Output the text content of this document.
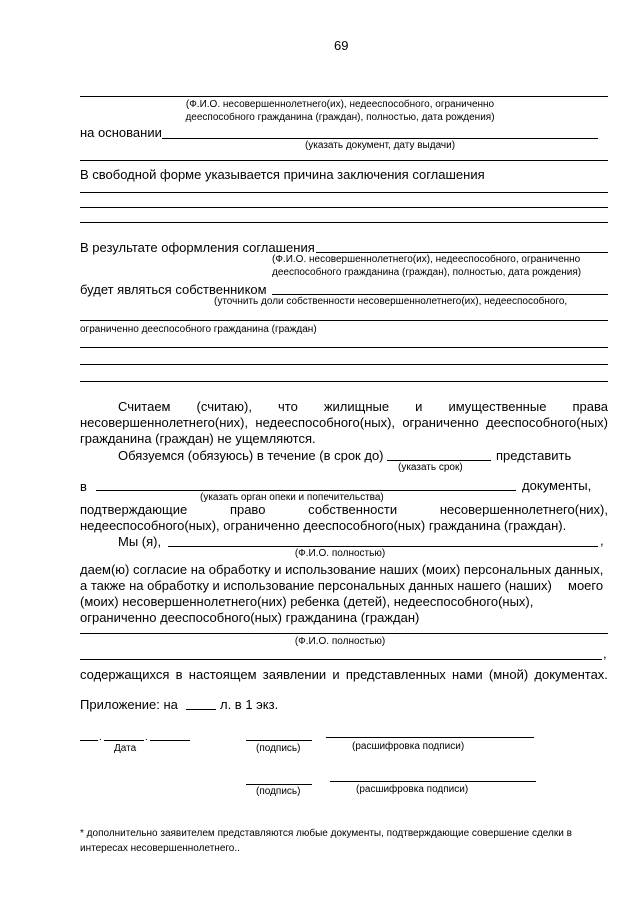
69
(Ф.И.О. несовершеннолетнего(их), недееспособного, ограниченно
дееспособного гражданина (граждан), полностью, дата рождения)
на основании
(указать документ, дату выдачи)
В свободной форме указывается причина заключения соглашения
В результате оформления соглашения
(Ф.И.О. несовершеннолетнего(их), недееспособного, ограниченно
дееспособного гражданина (граждан), полностью, дата рождения)
будет являться собственником
(уточнить доли собственности несовершеннолетнего(их), недееспособного,
ограниченно дееспособного гражданина (граждан)
Считаем (считаю), что жилищные и имущественные права
несовершеннолетнего(них), недееспособного(ных), ограниченно дееспособного(ных)
гражданина (граждан) не ущемляются.
Обязуемся (обязуюсь) в течение (в срок до)	представить
(указать срок)
в	документы,
(указать орган опеки и попечительства)
подтверждающие	право	собственности	несовершеннолетнего(них),
недееспособного(ных), ограниченно дееспособного(ных) гражданина (граждан).
Мы (я),	,
(Ф.И.О. полностью)
даем(ю) согласие на обработку и использование наших (моих) персональных данных,
а также на обработку и использование персональных данных нашего (наших) моего
(моих) несовершеннолетнего(них) ребенка (детей), недееспособного(ных),
ограниченно дееспособного(ных) гражданина (граждан)
(Ф.И.О. полностью)
,
содержащихся в настоящем заявлении и представленных нами (мной) документах.
Приложение: на	л. в 1 экз.
.	.
Дата	(подпись)	(расшифровка подписи)
(подпись)	(расшифровка подписи)
* дополнительно заявителем представляются любые документы, подтверждающие совершение сделки в
интересах несовершеннолетнего..
